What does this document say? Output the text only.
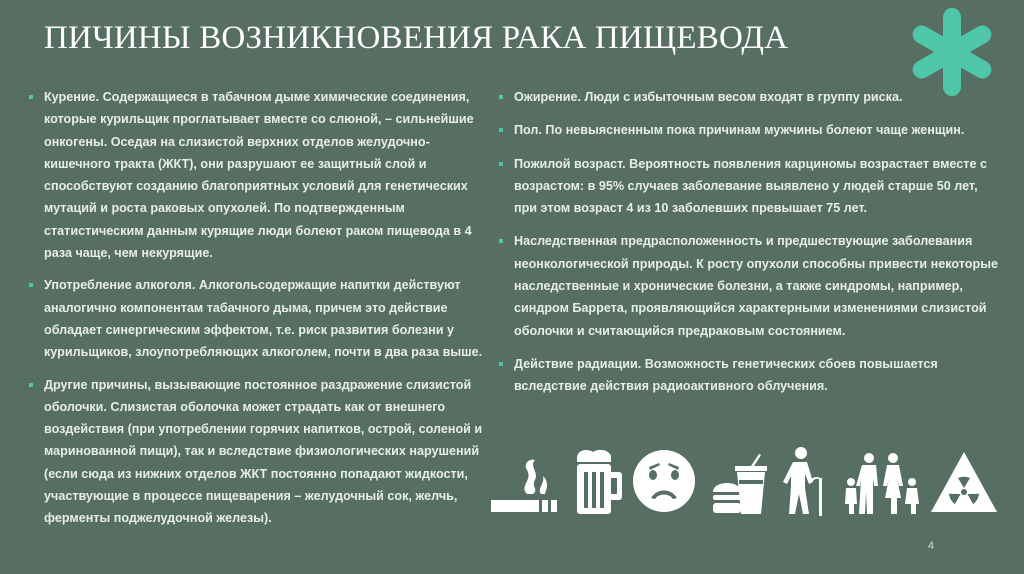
ПИЧИНЫ ВОЗНИКНОВЕНИЯ РАКА ПИЩЕВОДА
Курение. Содержащиеся в табачном дыме химические соединения, которые курильщик проглатывает вместе со слюной, – сильнейшие онкогены. Оседая на слизистой верхних отделов желудочно-кишечного тракта (ЖКТ), они разрушают ее защитный слой и способствуют созданию благоприятных условий для генетических мутаций и роста раковых опухолей. По подтвержденным статистическим данным курящие люди болеют раком пищевода в 4 раза чаще, чем некурящие.
Употребление алкоголя. Алкогольсодержащие напитки действуют аналогично компонентам табачного дыма, причем это действие обладает синергическим эффектом, т.е. риск развития болезни у курильщиков, злоупотребляющих алкоголем, почти в два раза выше.
Другие причины, вызывающие постоянное раздражение слизистой оболочки. Слизистая оболочка может страдать как от внешнего воздействия (при употреблении горячих напитков, острой, соленой и маринованной пищи), так и вследствие физиологических нарушений (если сюда из нижних отделов ЖКТ постоянно попадают жидкости, участвующие в процессе пищеварения – желудочный сок, желчь, ферменты поджелудочной железы).
Ожирение. Люди с избыточным весом входят в группу риска.
Пол. По невыясненным пока причинам мужчины болеют чаще женщин.
Пожилой возраст. Вероятность появления карциномы возрастает вместе с возрастом: в 95% случаев заболевание выявлено у людей старше 50 лет, при этом возраст 4 из 10 заболевших превышает 75 лет.
Наследственная предрасположенность и предшествующие заболевания неонкологической природы. К росту опухоли способны привести некоторые наследственные и хронические болезни, а также синдромы, например, синдром Баррета, проявляющийся характерными изменениями слизистой оболочки и считающийся предраковым состоянием.
Действие радиации. Возможность генетических сбоев повышается вследствие действия радиоактивного облучения.
4
